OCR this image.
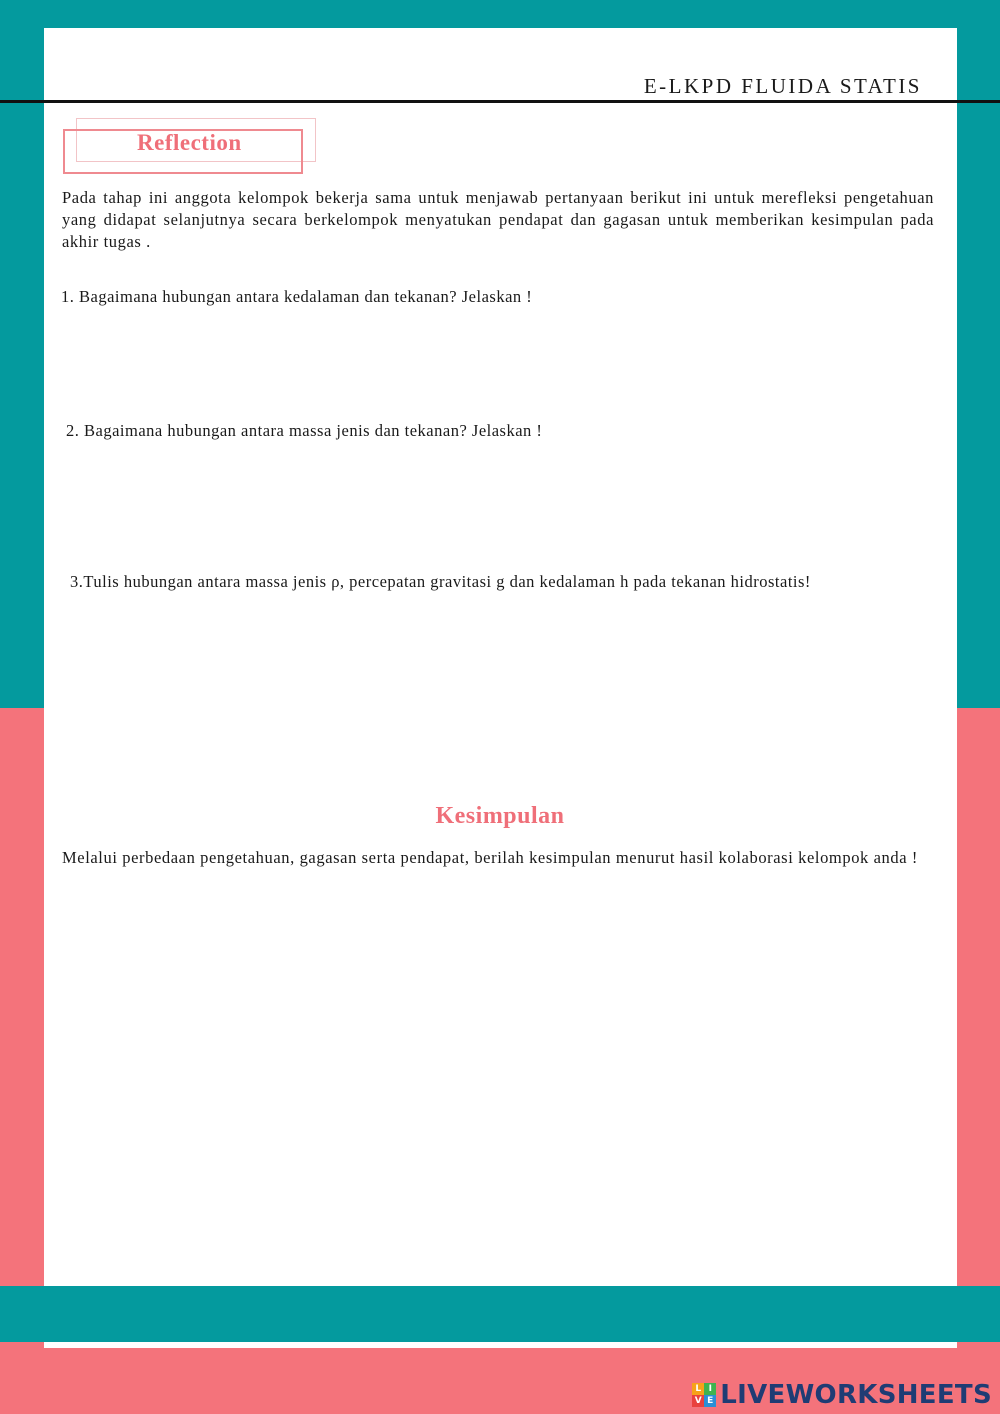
E-LKPD FLUIDA STATIS
Reflection
Pada tahap ini anggota kelompok bekerja sama untuk menjawab pertanyaan berikut ini untuk merefleksi pengetahuan yang didapat selanjutnya secara berkelompok menyatukan pendapat dan gagasan untuk memberikan kesimpulan pada akhir tugas .
1. Bagaimana hubungan antara kedalaman dan tekanan? Jelaskan !
2. Bagaimana hubungan antara massa jenis dan tekanan? Jelaskan !
3.Tulis hubungan antara massa jenis ρ, percepatan gravitasi g dan kedalaman h pada tekanan hidrostatis!
Kesimpulan
Melalui perbedaan pengetahuan, gagasan serta pendapat, berilah kesimpulan menurut hasil kolaborasi kelompok anda !
L I
V E LIVEWORKSHEETS
